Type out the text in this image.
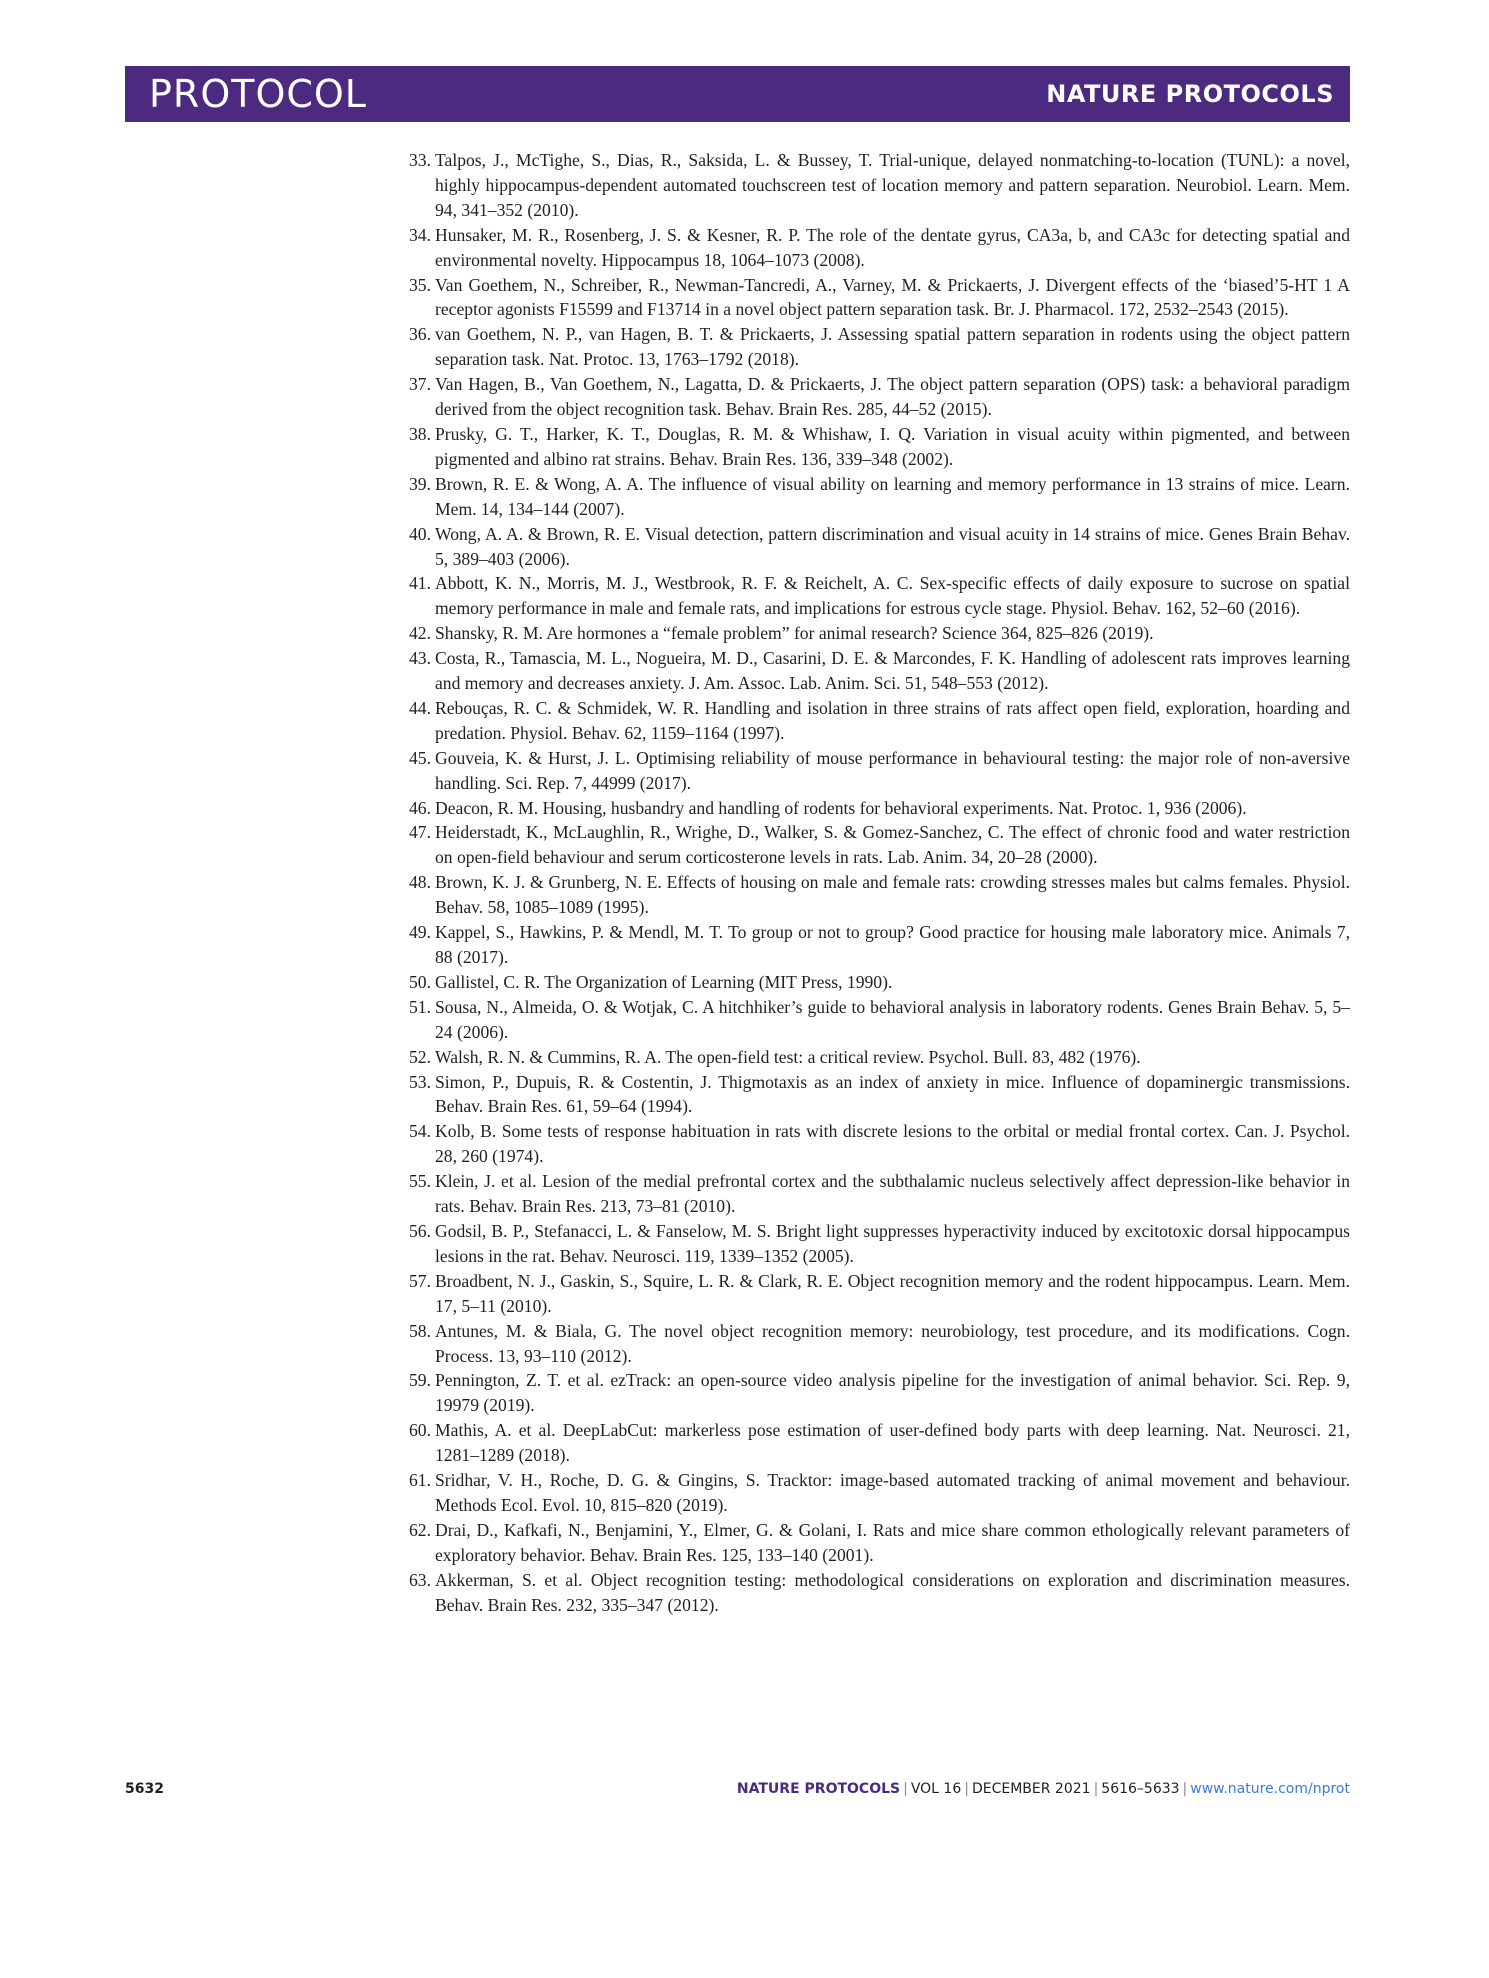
PROTOCOL	NATURE PROTOCOLS
33. Talpos, J., McTighe, S., Dias, R., Saksida, L. & Bussey, T. Trial-unique, delayed nonmatching-to-location (TUNL): a novel, highly hippocampus-dependent automated touchscreen test of location memory and pattern separation. Neurobiol. Learn. Mem. 94, 341–352 (2010).
34. Hunsaker, M. R., Rosenberg, J. S. & Kesner, R. P. The role of the dentate gyrus, CA3a, b, and CA3c for detecting spatial and environmental novelty. Hippocampus 18, 1064–1073 (2008).
35. Van Goethem, N., Schreiber, R., Newman-Tancredi, A., Varney, M. & Prickaerts, J. Divergent effects of the ‘biased’5-HT 1 A receptor agonists F15599 and F13714 in a novel object pattern separation task. Br. J. Pharmacol. 172, 2532–2543 (2015).
36. van Goethem, N. P., van Hagen, B. T. & Prickaerts, J. Assessing spatial pattern separation in rodents using the object pattern separation task. Nat. Protoc. 13, 1763–1792 (2018).
37. Van Hagen, B., Van Goethem, N., Lagatta, D. & Prickaerts, J. The object pattern separation (OPS) task: a behavioral paradigm derived from the object recognition task. Behav. Brain Res. 285, 44–52 (2015).
38. Prusky, G. T., Harker, K. T., Douglas, R. M. & Whishaw, I. Q. Variation in visual acuity within pigmented, and between pigmented and albino rat strains. Behav. Brain Res. 136, 339–348 (2002).
39. Brown, R. E. & Wong, A. A. The influence of visual ability on learning and memory performance in 13 strains of mice. Learn. Mem. 14, 134–144 (2007).
40. Wong, A. A. & Brown, R. E. Visual detection, pattern discrimination and visual acuity in 14 strains of mice. Genes Brain Behav. 5, 389–403 (2006).
41. Abbott, K. N., Morris, M. J., Westbrook, R. F. & Reichelt, A. C. Sex-specific effects of daily exposure to sucrose on spatial memory performance in male and female rats, and implications for estrous cycle stage. Physiol. Behav. 162, 52–60 (2016).
42. Shansky, R. M. Are hormones a “female problem” for animal research? Science 364, 825–826 (2019).
43. Costa, R., Tamascia, M. L., Nogueira, M. D., Casarini, D. E. & Marcondes, F. K. Handling of adolescent rats improves learning and memory and decreases anxiety. J. Am. Assoc. Lab. Anim. Sci. 51, 548–553 (2012).
44. Rebouças, R. C. & Schmidek, W. R. Handling and isolation in three strains of rats affect open field, exploration, hoarding and predation. Physiol. Behav. 62, 1159–1164 (1997).
45. Gouveia, K. & Hurst, J. L. Optimising reliability of mouse performance in behavioural testing: the major role of non-aversive handling. Sci. Rep. 7, 44999 (2017).
46. Deacon, R. M. Housing, husbandry and handling of rodents for behavioral experiments. Nat. Protoc. 1, 936 (2006).
47. Heiderstadt, K., McLaughlin, R., Wrighe, D., Walker, S. & Gomez-Sanchez, C. The effect of chronic food and water restriction on open-field behaviour and serum corticosterone levels in rats. Lab. Anim. 34, 20–28 (2000).
48. Brown, K. J. & Grunberg, N. E. Effects of housing on male and female rats: crowding stresses males but calms females. Physiol. Behav. 58, 1085–1089 (1995).
49. Kappel, S., Hawkins, P. & Mendl, M. T. To group or not to group? Good practice for housing male laboratory mice. Animals 7, 88 (2017).
50. Gallistel, C. R. The Organization of Learning (MIT Press, 1990).
51. Sousa, N., Almeida, O. & Wotjak, C. A hitchhiker’s guide to behavioral analysis in laboratory rodents. Genes Brain Behav. 5, 5–24 (2006).
52. Walsh, R. N. & Cummins, R. A. The open-field test: a critical review. Psychol. Bull. 83, 482 (1976).
53. Simon, P., Dupuis, R. & Costentin, J. Thigmotaxis as an index of anxiety in mice. Influence of dopaminergic transmissions. Behav. Brain Res. 61, 59–64 (1994).
54. Kolb, B. Some tests of response habituation in rats with discrete lesions to the orbital or medial frontal cortex. Can. J. Psychol. 28, 260 (1974).
55. Klein, J. et al. Lesion of the medial prefrontal cortex and the subthalamic nucleus selectively affect depression-like behavior in rats. Behav. Brain Res. 213, 73–81 (2010).
56. Godsil, B. P., Stefanacci, L. & Fanselow, M. S. Bright light suppresses hyperactivity induced by excitotoxic dorsal hippocampus lesions in the rat. Behav. Neurosci. 119, 1339–1352 (2005).
57. Broadbent, N. J., Gaskin, S., Squire, L. R. & Clark, R. E. Object recognition memory and the rodent hippocampus. Learn. Mem. 17, 5–11 (2010).
58. Antunes, M. & Biala, G. The novel object recognition memory: neurobiology, test procedure, and its modifications. Cogn. Process. 13, 93–110 (2012).
59. Pennington, Z. T. et al. ezTrack: an open-source video analysis pipeline for the investigation of animal behavior. Sci. Rep. 9, 19979 (2019).
60. Mathis, A. et al. DeepLabCut: markerless pose estimation of user-defined body parts with deep learning. Nat. Neurosci. 21, 1281–1289 (2018).
61. Sridhar, V. H., Roche, D. G. & Gingins, S. Tracktor: image-based automated tracking of animal movement and behaviour. Methods Ecol. Evol. 10, 815–820 (2019).
62. Drai, D., Kafkafi, N., Benjamini, Y., Elmer, G. & Golani, I. Rats and mice share common ethologically relevant parameters of exploratory behavior. Behav. Brain Res. 125, 133–140 (2001).
63. Akkerman, S. et al. Object recognition testing: methodological considerations on exploration and discrimination measures. Behav. Brain Res. 232, 335–347 (2012).
5632	NATURE PROTOCOLS | VOL 16 | DECEMBER 2021 | 5616–5633 | www.nature.com/nprot
